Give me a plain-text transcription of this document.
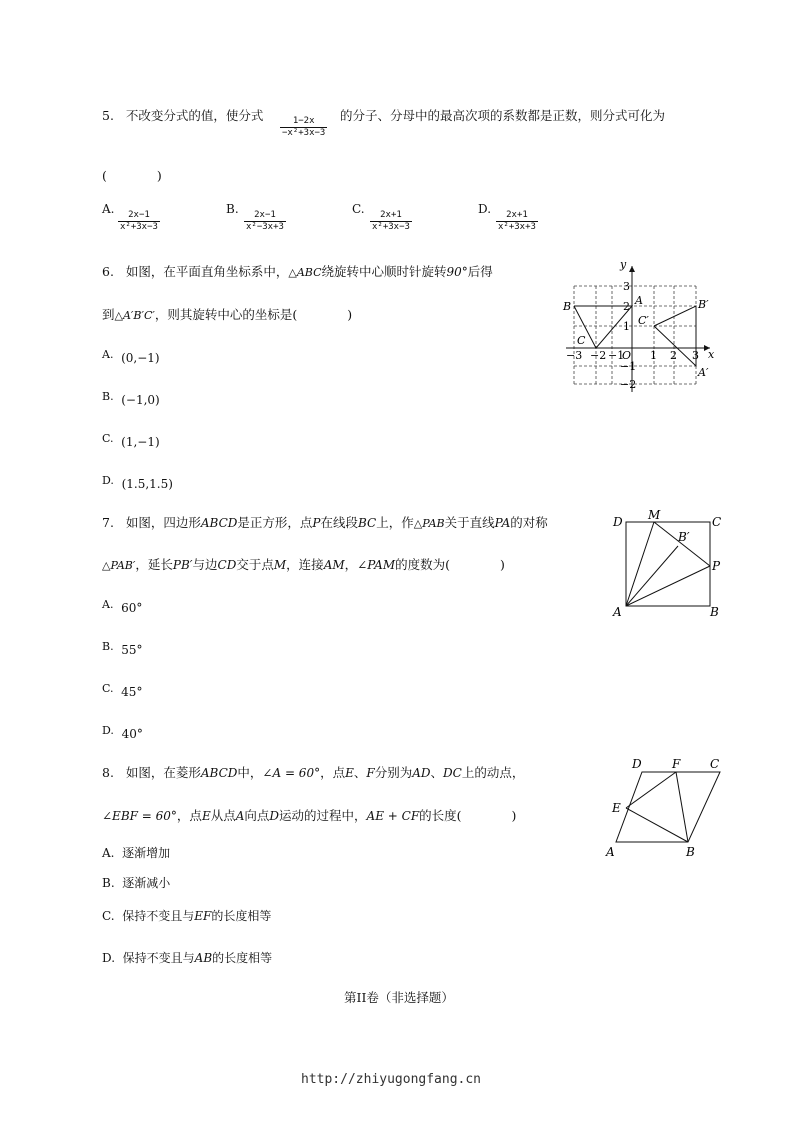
5. 不改变分式的值，使分式
$\frac{1-2x}{\text{−x²+3x−3}}$
的分子、分母中的最高次项的系数都是正数，则分式可化为
(　　　　)
A.
$\frac{2x-1}{\text{x²+3x−3}}$
B.
$\frac{2x-1}{\text{x²−3x+3}}$
C.
$\frac{2x+1}{\text{x²+3x−3}}$
D.
$\frac{2x+1}{\text{x²+3x+3}}$
6. 如图，在平面直角坐标系中，△ABC绕旋转中心顺时针旋转90°后得
到△A′B′C′，则其旋转中心的坐标是(　　　　)
A. (0,−1)
B. (−1,0)
C. (1,−1)
D. (1.5,1.5)
y
x
O
−3 −2 −1 1 2 3
3
2
1
−1
−2
A
B
C
A′
B′
C′
7. 如图，四边形ABCD是正方形，点P在线段BC上，作△PAB关于直线PA的对称
△PAB′，延长PB′与边CD交于点M，连接AM，∠PAM的度数为(　　　　)
A. 60°
B. 55°
C. 45°
D. 40°
D M	C
B′
P
A	B
8. 如图，在菱形ABCD中，∠A = 60°，点E、F分别为AD、DC上的动点，
∠EBF = 60°，点E从点A向点D运动的过程中，AE + CF的长度(　　　　)
A. 逐渐增加
B. 逐渐减小
C. 保持不变且与EF的长度相等
D. 保持不变且与AB的长度相等
D	F C
E
A	B
第II卷（非选择题）
http://zhiyugongfang.cn
